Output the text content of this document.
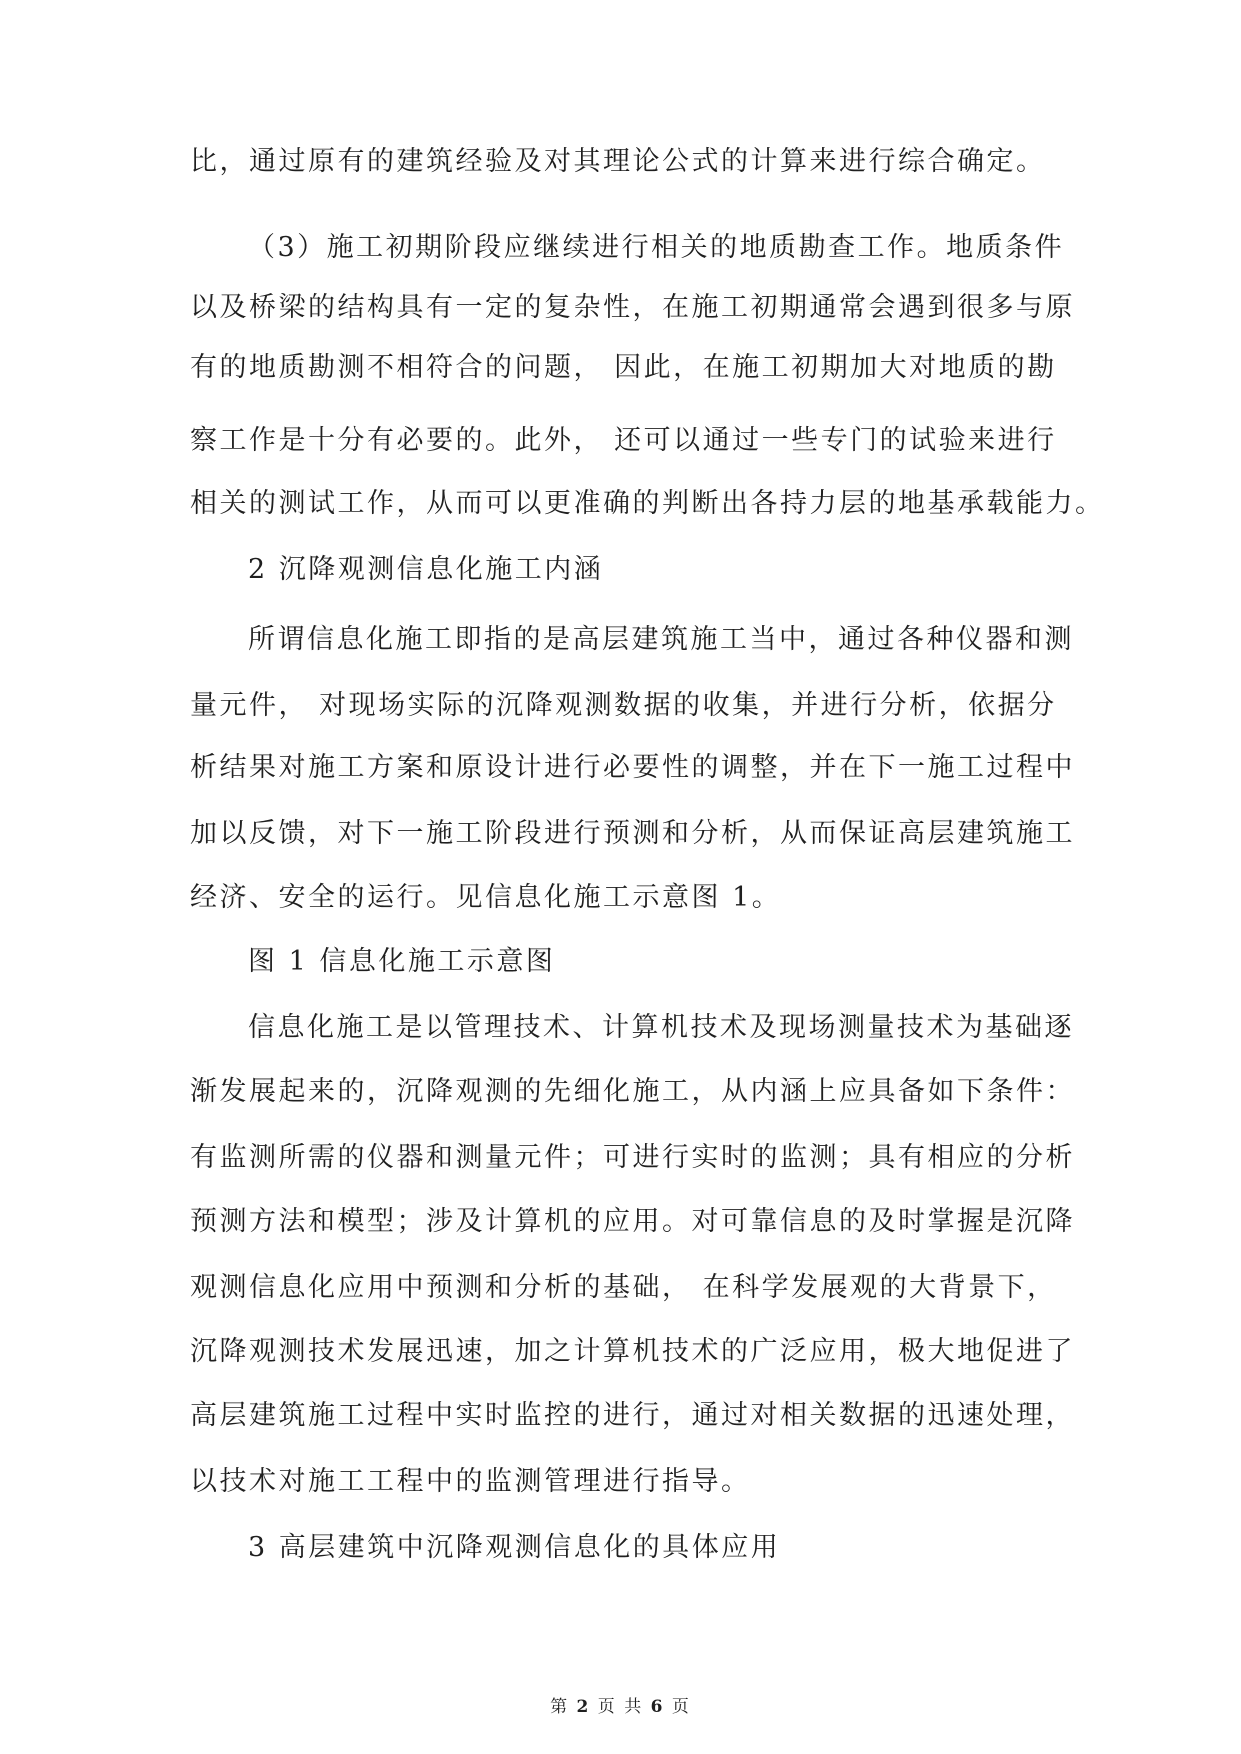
比，通过原有的建筑经验及对其理论公式的计算来进行综合确定。
（3）施工初期阶段应继续进行相关的地质勘查工作。地质条件
以及桥梁的结构具有一定的复杂性，在施工初期通常会遇到很多与原
有的地质勘测不相符合的问题， 因此，在施工初期加大对地质的勘
察工作是十分有必要的。此外， 还可以通过一些专门的试验来进行
相关的测试工作，从而可以更准确的判断出各持力层的地基承载能力。
2 沉降观测信息化施工内涵
所谓信息化施工即指的是高层建筑施工当中，通过各种仪器和测
量元件， 对现场实际的沉降观测数据的收集，并进行分析，依据分
析结果对施工方案和原设计进行必要性的调整，并在下一施工过程中
加以反馈，对下一施工阶段进行预测和分析，从而保证高层建筑施工
经济、安全的运行。见信息化施工示意图 1。
图 1 信息化施工示意图
信息化施工是以管理技术、计算机技术及现场测量技术为基础逐
渐发展起来的，沉降观测的先细化施工，从内涵上应具备如下条件：
有监测所需的仪器和测量元件；可进行实时的监测；具有相应的分析
预测方法和模型；涉及计算机的应用。对可靠信息的及时掌握是沉降
观测信息化应用中预测和分析的基础， 在科学发展观的大背景下，
沉降观测技术发展迅速，加之计算机技术的广泛应用，极大地促进了
高层建筑施工过程中实时监控的进行，通过对相关数据的迅速处理，
以技术对施工工程中的监测管理进行指导。
3 高层建筑中沉降观测信息化的具体应用
第 2 页 共 6 页
